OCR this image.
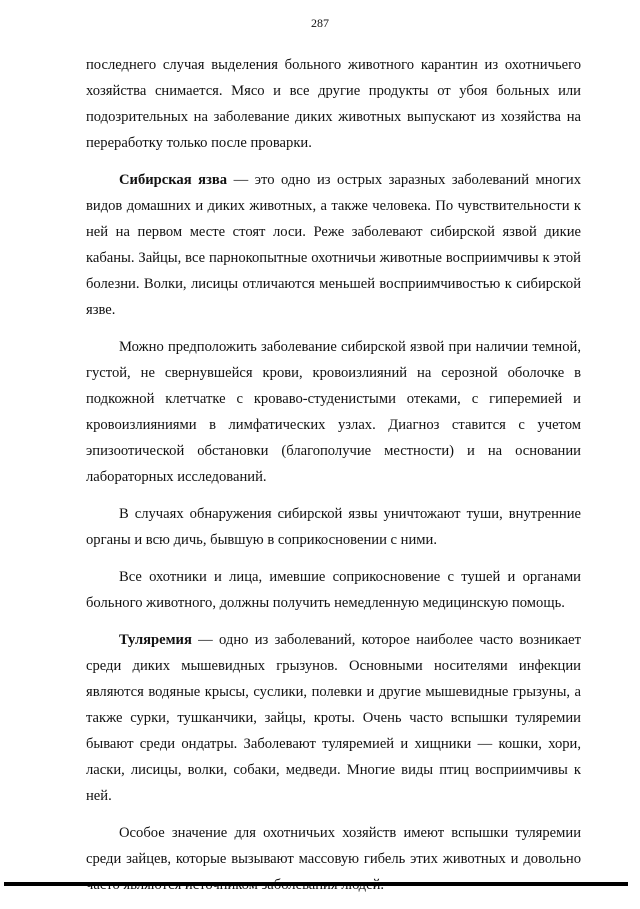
287

последнего случая выделения больного животного карантин из охотничьего хозяйства снимается. Мясо и все другие продукты от убоя больных или подозрительных на заболевание диких животных выпускают из хозяйства на переработку только после проварки.

Сибирская язва — это одно из острых заразных заболеваний многих видов домашних и диких животных, а также человека. По чувствительности к ней на первом месте стоят лоси. Реже заболевают сибирской язвой дикие кабаны. Зайцы, все парнокопытные охотничьи животные восприимчивы к этой болезни. Волки, лисицы отличаются меньшей восприимчивостью к сибирской язве.

Можно предположить заболевание сибирской язвой при наличии темной, густой, не свернувшейся крови, кровоизлияний на серозной оболочке в подкожной клетчатке с кроваво-студенистыми отеками, с гиперемией и кровоизлияниями в лимфатических узлах. Диагноз ставится с учетом эпизоотической обстановки (благополучие местности) и на основании лабораторных исследований.

В случаях обнаружения сибирской язвы уничтожают туши, внутренние органы и всю дичь, бывшую в соприкосновении с ними.

Все охотники и лица, имевшие соприкосновение с тушей и органами больного животного, должны получить немедленную медицинскую помощь.

Туляремия — одно из заболеваний, которое наиболее часто возникает среди диких мышевидных грызунов. Основными носителями инфекции являются водяные крысы, суслики, полевки и другие мышевидные грызуны, а также сурки, тушканчики, зайцы, кроты. Очень часто вспышки туляремии бывают среди ондатры. Заболевают туляремией и хищники — кошки, хори, ласки, лисицы, волки, собаки, медведи. Многие виды птиц восприимчивы к ней.

Особое значение для охотничьих хозяйств имеют вспышки туляремии среди зайцев, которые вызывают массовую гибель этих животных и довольно
